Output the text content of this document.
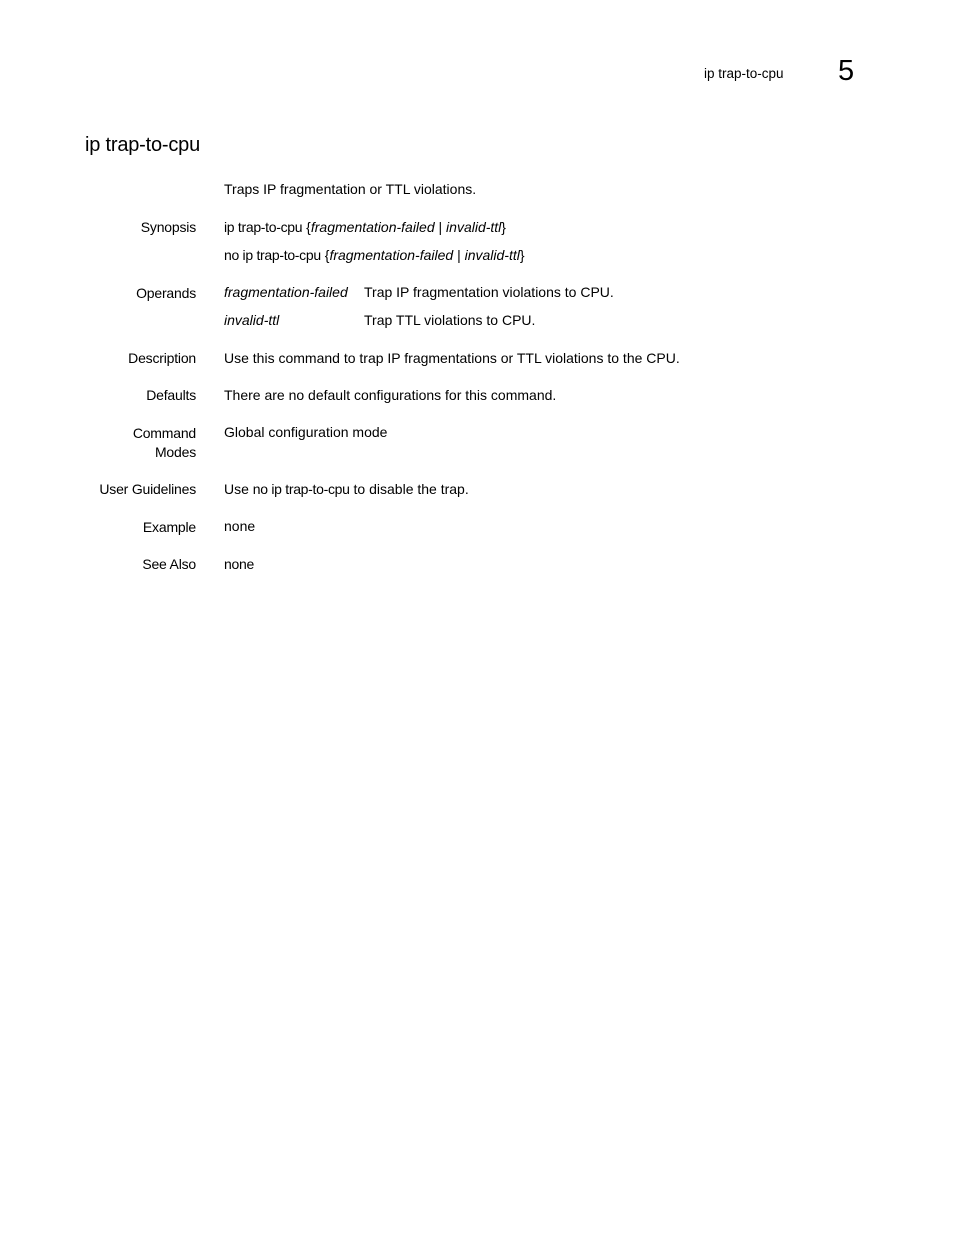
ip trap-to-cpu 5
ip trap-to-cpu
Traps IP fragmentation or TTL violations.
Synopsis ip trap-to-cpu {fragmentation-failed | invalid-ttl}
no ip trap-to-cpu {fragmentation-failed | invalid-ttl}
Operands fragmentation-failed Trap IP fragmentation violations to CPU.
invalid-ttl	Trap TTL violations to CPU.
Description Use this command to trap IP fragmentations or TTL violations to the CPU.
Defaults There are no default configurations for this command.
Command
Modes
Global configuration mode
User Guidelines Use no ip trap-to-cpu to disable the trap.
Example none
See Also none
